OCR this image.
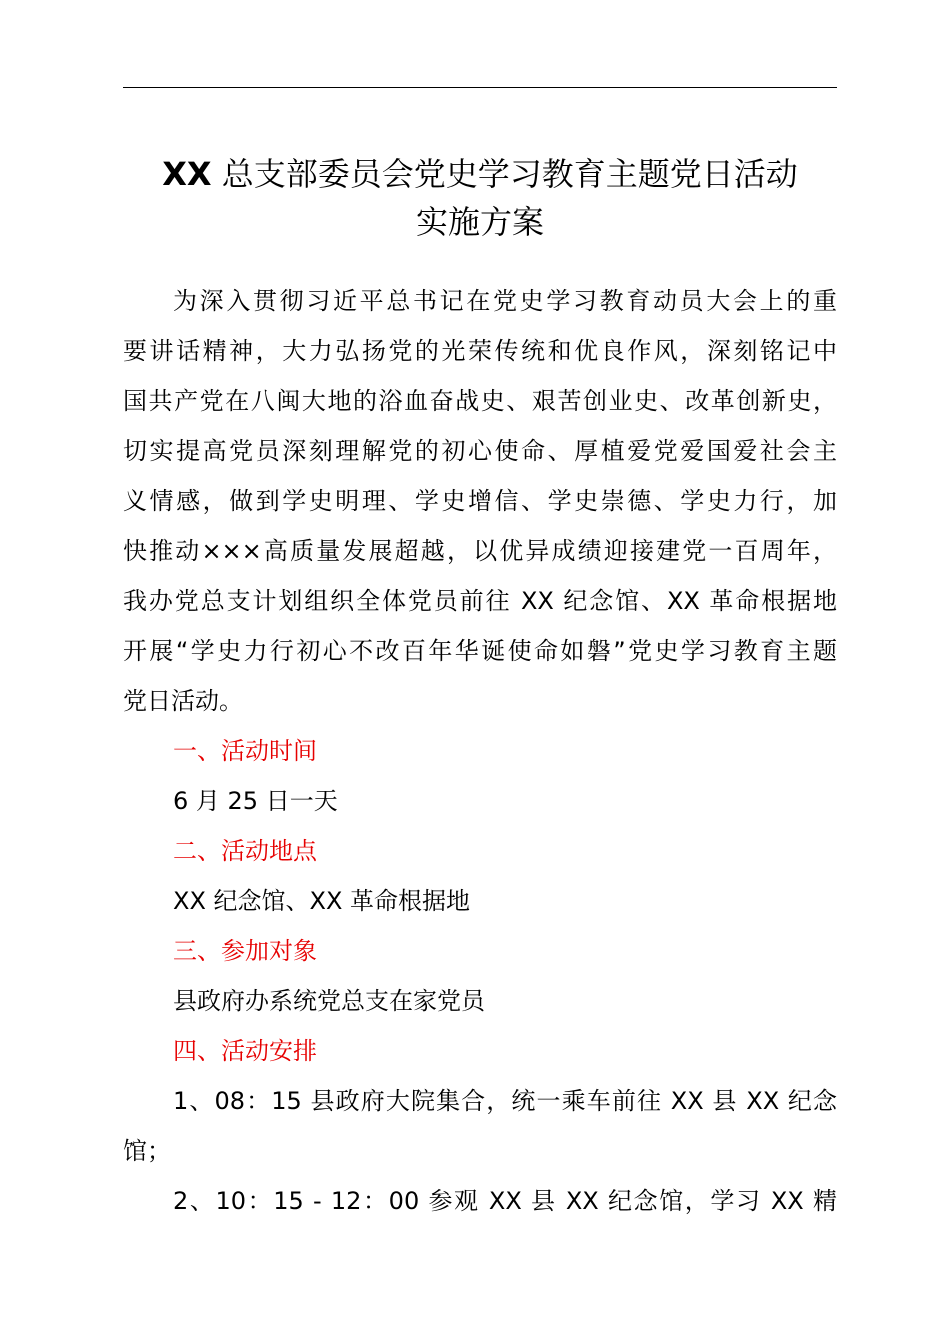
XX 总支部委员会党史学习教育主题党日活动
实施方案
为深入贯彻习近平总书记在党史学习教育动员大会上的重
要讲话精神，大力弘扬党的光荣传统和优良作风，深刻铭记中
国共产党在八闽大地的浴血奋战史、艰苦创业史、改革创新史，
切实提高党员深刻理解党的初心使命、厚植爱党爱国爱社会主
义情感，做到学史明理、学史增信、学史崇德、学史力行，加
快推动×××高质量发展超越，以优异成绩迎接建党一百周年，
我办党总支计划组织全体党员前往 XX 纪念馆、XX 革命根据地
开展“学史力行初心不改百年华诞使命如磐”党史学习教育主题
党日活动。
一、活动时间
6 月 25 日一天
二、活动地点
XX 纪念馆、XX 革命根据地
三、参加对象
县政府办系统党总支在家党员
四、活动安排
1、08：15 县政府大院集合，统一乘车前往 XX 县 XX 纪念
馆；
2、10：15 - 12：00 参观 XX 县 XX 纪念馆，学习 XX 精
